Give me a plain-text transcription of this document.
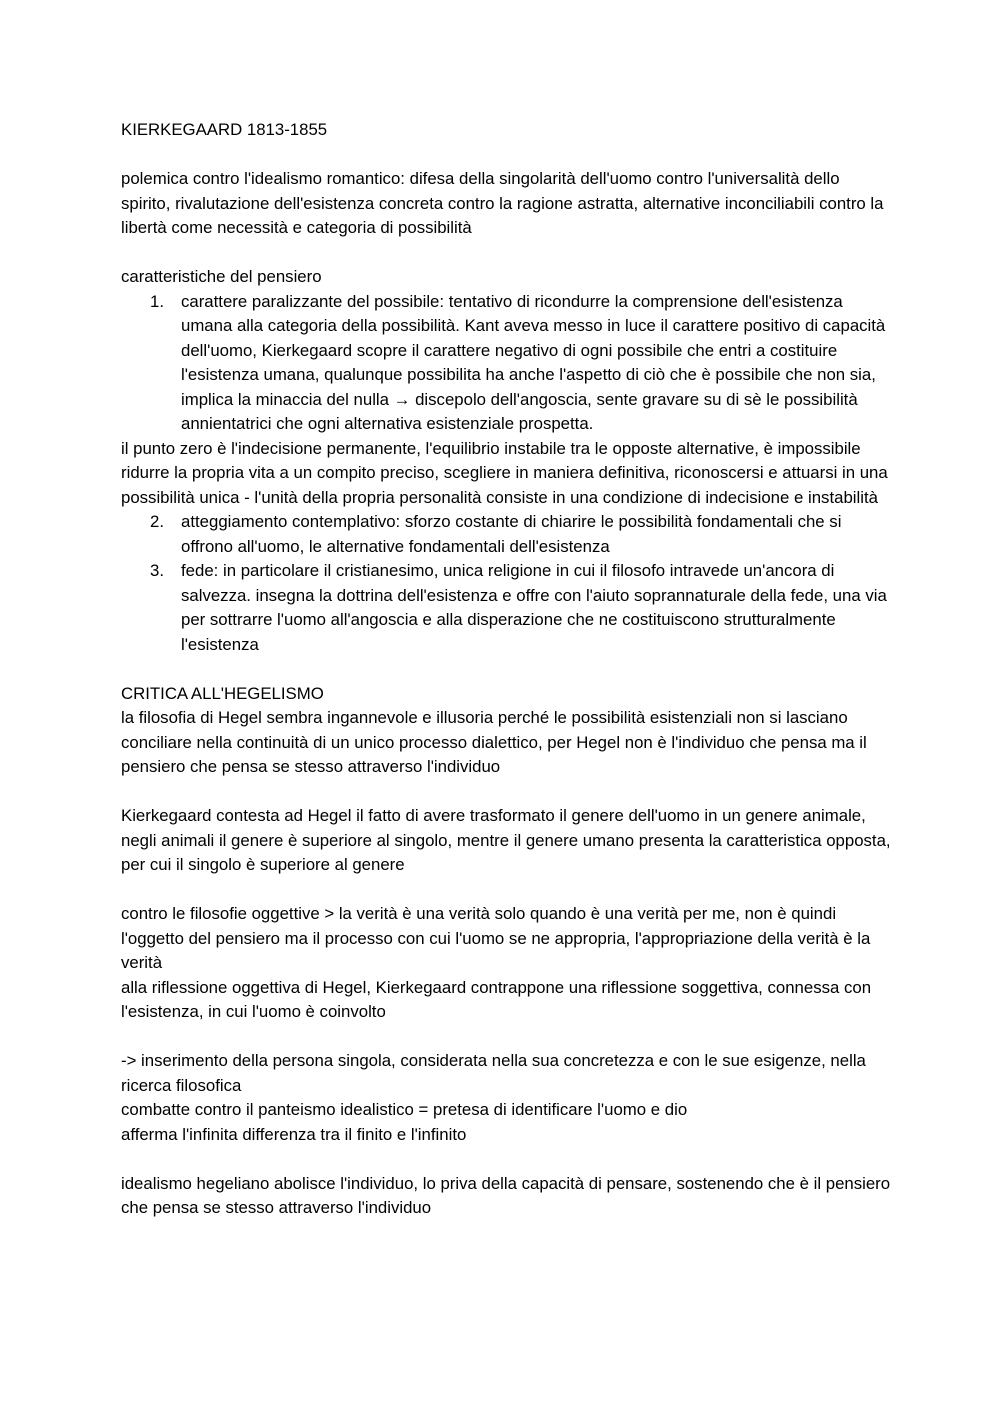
KIERKEGAARD 1813-1855

polemica contro l'idealismo romantico: difesa della singolarità dell'uomo contro l'universalità dello spirito, rivalutazione dell'esistenza concreta contro la ragione astratta, alternative inconciliabili contro la libertà come necessità e categoria di possibilità

caratteristiche del pensiero

1. carattere paralizzante del possibile: tentativo di ricondurre la comprensione dell'esistenza umana alla categoria della possibilità. Kant aveva messo in luce il carattere positivo di capacità dell'uomo, Kierkegaard scopre il carattere negativo di ogni possibile che entri a costituire l'esistenza umana, qualunque possibilita ha anche l'aspetto di ciò che è possibile che non sia, implica la minaccia del nulla → discepolo dell'angoscia, sente gravare su di sè le possibilità annientatrici che ogni alternativa esistenziale prospetta.

il punto zero è l'indecisione permanente, l'equilibrio instabile tra le opposte alternative, è impossibile ridurre la propria vita a un compito preciso, scegliere in maniera definitiva, riconoscersi e attuarsi in una possibilità unica - l'unità della propria personalità consiste in una condizione di indecisione e instabilità

2. atteggiamento contemplativo: sforzo costante di chiarire le possibilità fondamentali che si offrono all'uomo, le alternative fondamentali dell'esistenza
3. fede: in particolare il cristianesimo, unica religione in cui il filosofo intravede un'ancora di salvezza. insegna la dottrina dell'esistenza e offre con l'aiuto soprannaturale della fede, una via per sottrarre l'uomo all'angoscia e alla disperazione che ne costituiscono strutturalmente l'esistenza

CRITICA ALL'HEGELISMO

la filosofia di Hegel sembra ingannevole e illusoria perché le possibilità esistenziali non si lasciano conciliare nella continuità di un unico processo dialettico, per Hegel non è l'individuo che pensa ma il pensiero che pensa se stesso attraverso l'individuo

Kierkegaard contesta ad Hegel il fatto di avere trasformato il genere dell'uomo in un genere animale, negli animali il genere è superiore al singolo, mentre il genere umano presenta la caratteristica opposta, per cui il singolo è superiore al genere

contro le filosofie oggettive > la verità è una verità solo quando è una verità per me, non è quindi l'oggetto del pensiero ma il processo con cui l'uomo se ne appropria, l'appropriazione della verità è la verità

alla riflessione oggettiva di Hegel, Kierkegaard contrappone una riflessione soggettiva, connessa con l'esistenza, in cui l'uomo è coinvolto

-> inserimento della persona singola, considerata nella sua concretezza e con le sue esigenze, nella ricerca filosofica

combatte contro il panteismo idealistico = pretesa di identificare l'uomo e dio

afferma l'infinita differenza tra il finito e l'infinito

idealismo hegeliano abolisce l'individuo, lo priva della capacità di pensare, sostenendo che è il pensiero che pensa se stesso attraverso l'individuo
